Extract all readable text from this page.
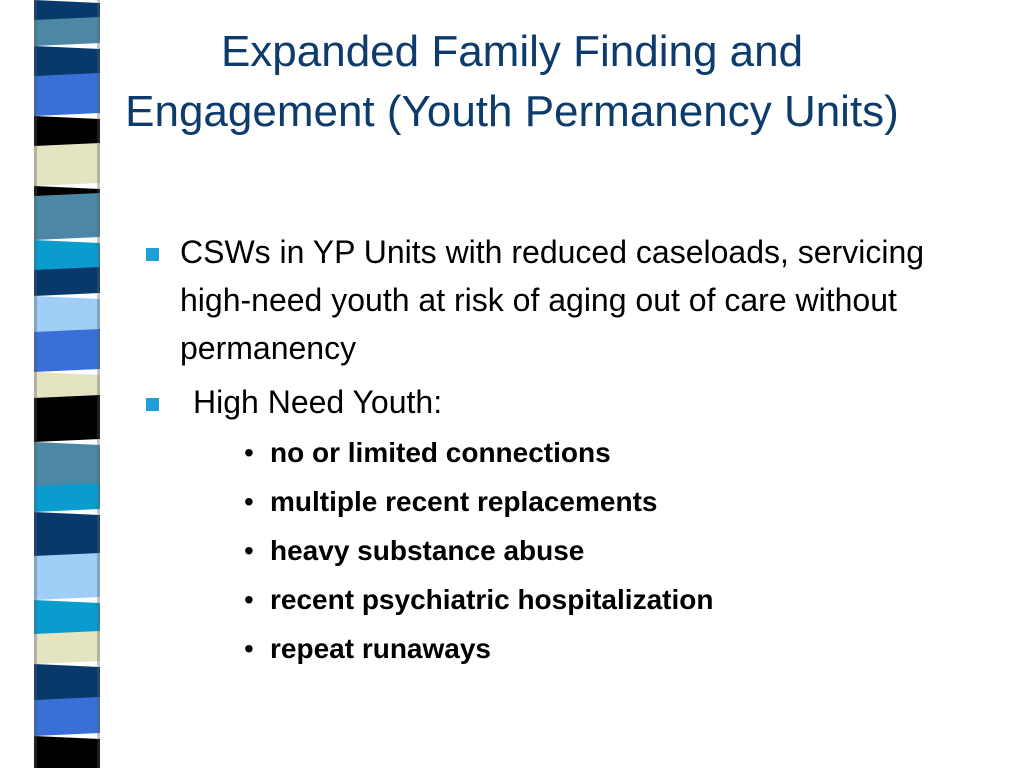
Expanded Family Finding and Engagement (Youth Permanency Units)
CSWs in YP Units with reduced caseloads, servicing high-need youth at risk of aging out of care without permanency
High Need Youth:
• no or limited connections
• multiple recent replacements
• heavy substance abuse
• recent psychiatric hospitalization
• repeat runaways
